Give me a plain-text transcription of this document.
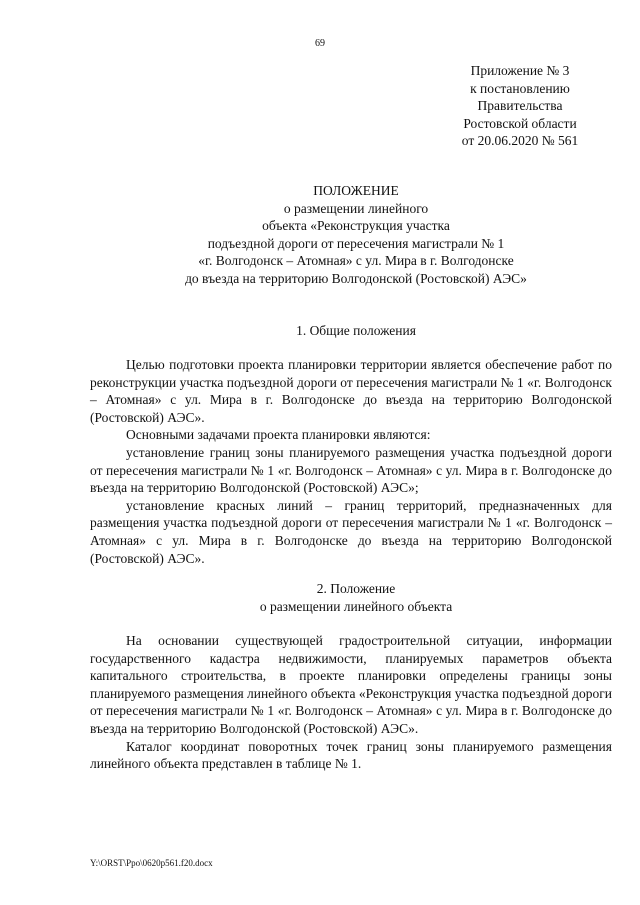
69
Приложение № 3
к постановлению
Правительства
Ростовской области
от 20.06.2020 № 561
ПОЛОЖЕНИЕ
о размещении линейного
объекта «Реконструкция участка
подъездной дороги от пересечения магистрали № 1
«г. Волгодонск – Атомная» с ул. Мира в г. Волгодонске
до въезда на территорию Волгодонской (Ростовской) АЭС»
1. Общие положения

Целью подготовки проекта планировки территории является обеспечение работ по реконструкции участка подъездной дороги от пересечения магистрали № 1 «г. Волгодонск – Атомная» с ул. Мира в г. Волгодонске до въезда на территорию Волгодонской (Ростовской) АЭС».

Основными задачами проекта планировки являются:

установление границ зоны планируемого размещения участка подъездной дороги от пересечения магистрали № 1 «г. Волгодонск – Атомная» с ул. Мира в г. Волгодонске до въезда на территорию Волгодонской (Ростовской) АЭС»;

установление красных линий – границ территорий, предназначенных для размещения участка подъездной дороги от пересечения магистрали № 1 «г. Волгодонск – Атомная» с ул. Мира в г. Волгодонске до въезда на территорию Волгодонской (Ростовской) АЭС».

2. Положение
о размещении линейного объекта

На основании существующей градостроительной ситуации, информации государственного кадастра недвижимости, планируемых параметров объекта капитального строительства, в проекте планировки определены границы зоны планируемого размещения линейного объекта «Реконструкция участка подъездной дороги от пересечения магистрали № 1 «г. Волгодонск – Атомная» с ул. Мира в г. Волгодонске до въезда на территорию Волгодонской (Ростовской) АЭС».

Каталог координат поворотных точек границ зоны планируемого размещения линейного объекта представлен в таблице № 1.

Y:\ORST\Ppo\0620p561.f20.docx
